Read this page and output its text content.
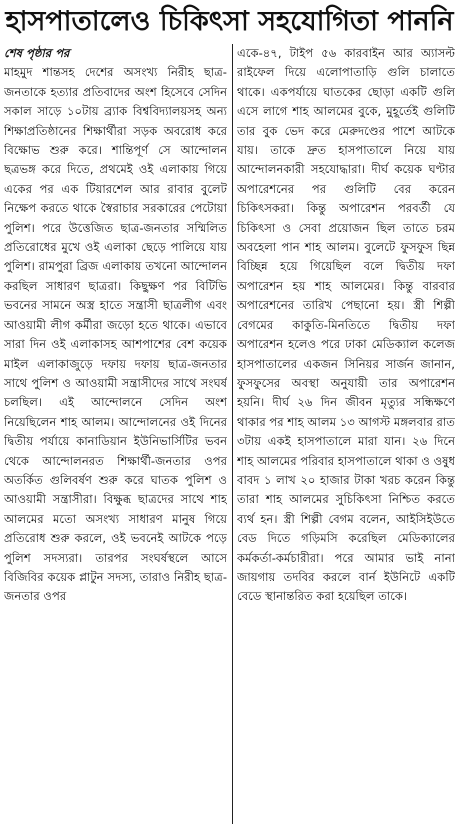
হাসপাতালেও চিকিৎসা সহযোগিতা পাননি
শেষ পৃষ্ঠার পর

মাহমুদ শান্তসহ দেশের অসংখ্য নিরীহ ছাত্র-জনতাকে হত্যার প্রতিবাদের অংশ হিসেবে সেদিন সকাল সাড়ে ১০টায় ব্র্যাক বিশ্ববিদ্যালয়সহ অন্য শিক্ষাপ্রতিষ্ঠানের শিক্ষার্থীরা সড়ক অবরোধ করে বিক্ষোভ শুরু করে। শান্তিপূর্ণ সে আন্দোলন ছত্রভঙ্গ করে দিতে, প্রথমেই ওই এলাকায় গিয়ে একের পর এক টিয়ারশেল আর রাবার বুলেট নিক্ষেপ করতে থাকে স্বৈরাচার সরকারের পেটোয়া পুলিশ। পরে উত্তেজিত ছাত্র-জনতার সম্মিলিত প্রতিরোধের মুখে ওই এলাকা ছেড়ে পালিয়ে যায় পুলিশ। রামপুরা ব্রিজ এলাকায় তখনো আন্দোলন করছিল সাধারণ ছাত্ররা। কিছুক্ষণ পর বিটিভি ভবনের সামনে অস্ত্র হাতে সন্ত্রাসী ছাত্রলীগ এবং আওয়ামী লীগ কর্মীরা জড়ো হতে থাকে। এভাবে সারা দিন ওই এলাকাসহ আশপাশের বেশ কয়েক মাইল এলাকাজুড়ে দফায় দফায় ছাত্র-জনতার সাথে পুলিশ ও আওয়ামী সন্ত্রাসীদের সাথে সংঘর্ষ চলছিল। এই আন্দোলনে সেদিন অংশ নিয়েছিলেন শাহ আলম। আন্দোলনের ওই দিনের দ্বিতীয় পর্যায়ে কানাডিয়ান ইউনিভার্সিটির ভবন থেকে আন্দোলনরত শিক্ষার্থী-জনতার ওপর অতর্কিত গুলিবর্ষণ শুরু করে ঘাতক পুলিশ ও আওয়ামী সন্ত্রাসীরা। বিক্ষুব্ধ ছাত্রদের সাথে শাহ আলমের মতো অসংখ্য সাধারণ মানুষ গিয়ে প্রতিরোধ শুরু করলে, ওই ভবনেই আটকে পড়ে পুলিশ সদস্যরা। তারপর সংঘর্ষস্থলে আসে বিজিবির কয়েক প্লাটুন সদস্য, তারাও নিরীহ ছাত্র-জনতার ওপর

একে-৪৭, টাইপ ৫৬ কারবাইন আর অ্যাসল্ট রাইফেল দিয়ে এলোপাতাড়ি গুলি চালাতে থাকে। একপর্যায়ে ঘাতকের ছোড়া একটি গুলি এসে লাগে শাহ আলমের বুকে, মুহূর্তেই গুলিটি তার বুক ভেদ করে মেরুদণ্ডের পাশে আটকে যায়। তাকে দ্রুত হাসপাতালে নিয়ে যায় আন্দোলনকারী সহযোদ্ধারা। দীর্ঘ কয়েক ঘণ্টার অপারেশনের পর গুলিটি বের করেন চিকিৎসকরা। কিন্তু অপারেশন পরবর্তী যে চিকিৎসা ও সেবা প্রয়োজন ছিল তাতে চরম অবহেলা পান শাহ আলম। বুলেটে ফুসফুস ছিন্ন বিচ্ছিন্ন হয়ে গিয়েছিল বলে দ্বিতীয় দফা অপারেশন হয় শাহ আলমের। কিন্তু বারবার অপারেশনের তারিখ পেছানো হয়। স্ত্রী শিল্পী বেগমের কাকুতি-মিনতিতে দ্বিতীয় দফা অপারেশন হলেও পরে ঢাকা মেডিক্যাল কলেজ হাসপাতালের একজন সিনিয়র সার্জন জানান, ফুসফুসের অবস্থা অনুযায়ী তার অপারেশন হয়নি। দীর্ঘ ২৬ দিন জীবন মৃত্যুর সন্ধিক্ষণে থাকার পর শাহ আলম ১৩ আগস্ট মঙ্গলবার রাত ৩টায় একই হাসপাতালে মারা যান। ২৬ দিনে শাহ আলমের পরিবার হাসপাতালে থাকা ও ওষুধ বাবদ ১ লাখ ২০ হাজার টাকা খরচ করেন কিন্তু তারা শাহ আলমের সুচিকিৎসা নিশ্চিত করতে ব্যর্থ হন। স্ত্রী শিল্পী বেগম বলেন, আইসিইউতে বেড দিতে গড়িমসি করেছিল মেডিক্যালের কর্মকর্তা-কর্মচারীরা। পরে আমার ভাই নানা জায়গায় তদবির করলে বার্ন ইউনিটে একটি বেডে স্থানান্তরিত করা হয়েছিল তাকে।
